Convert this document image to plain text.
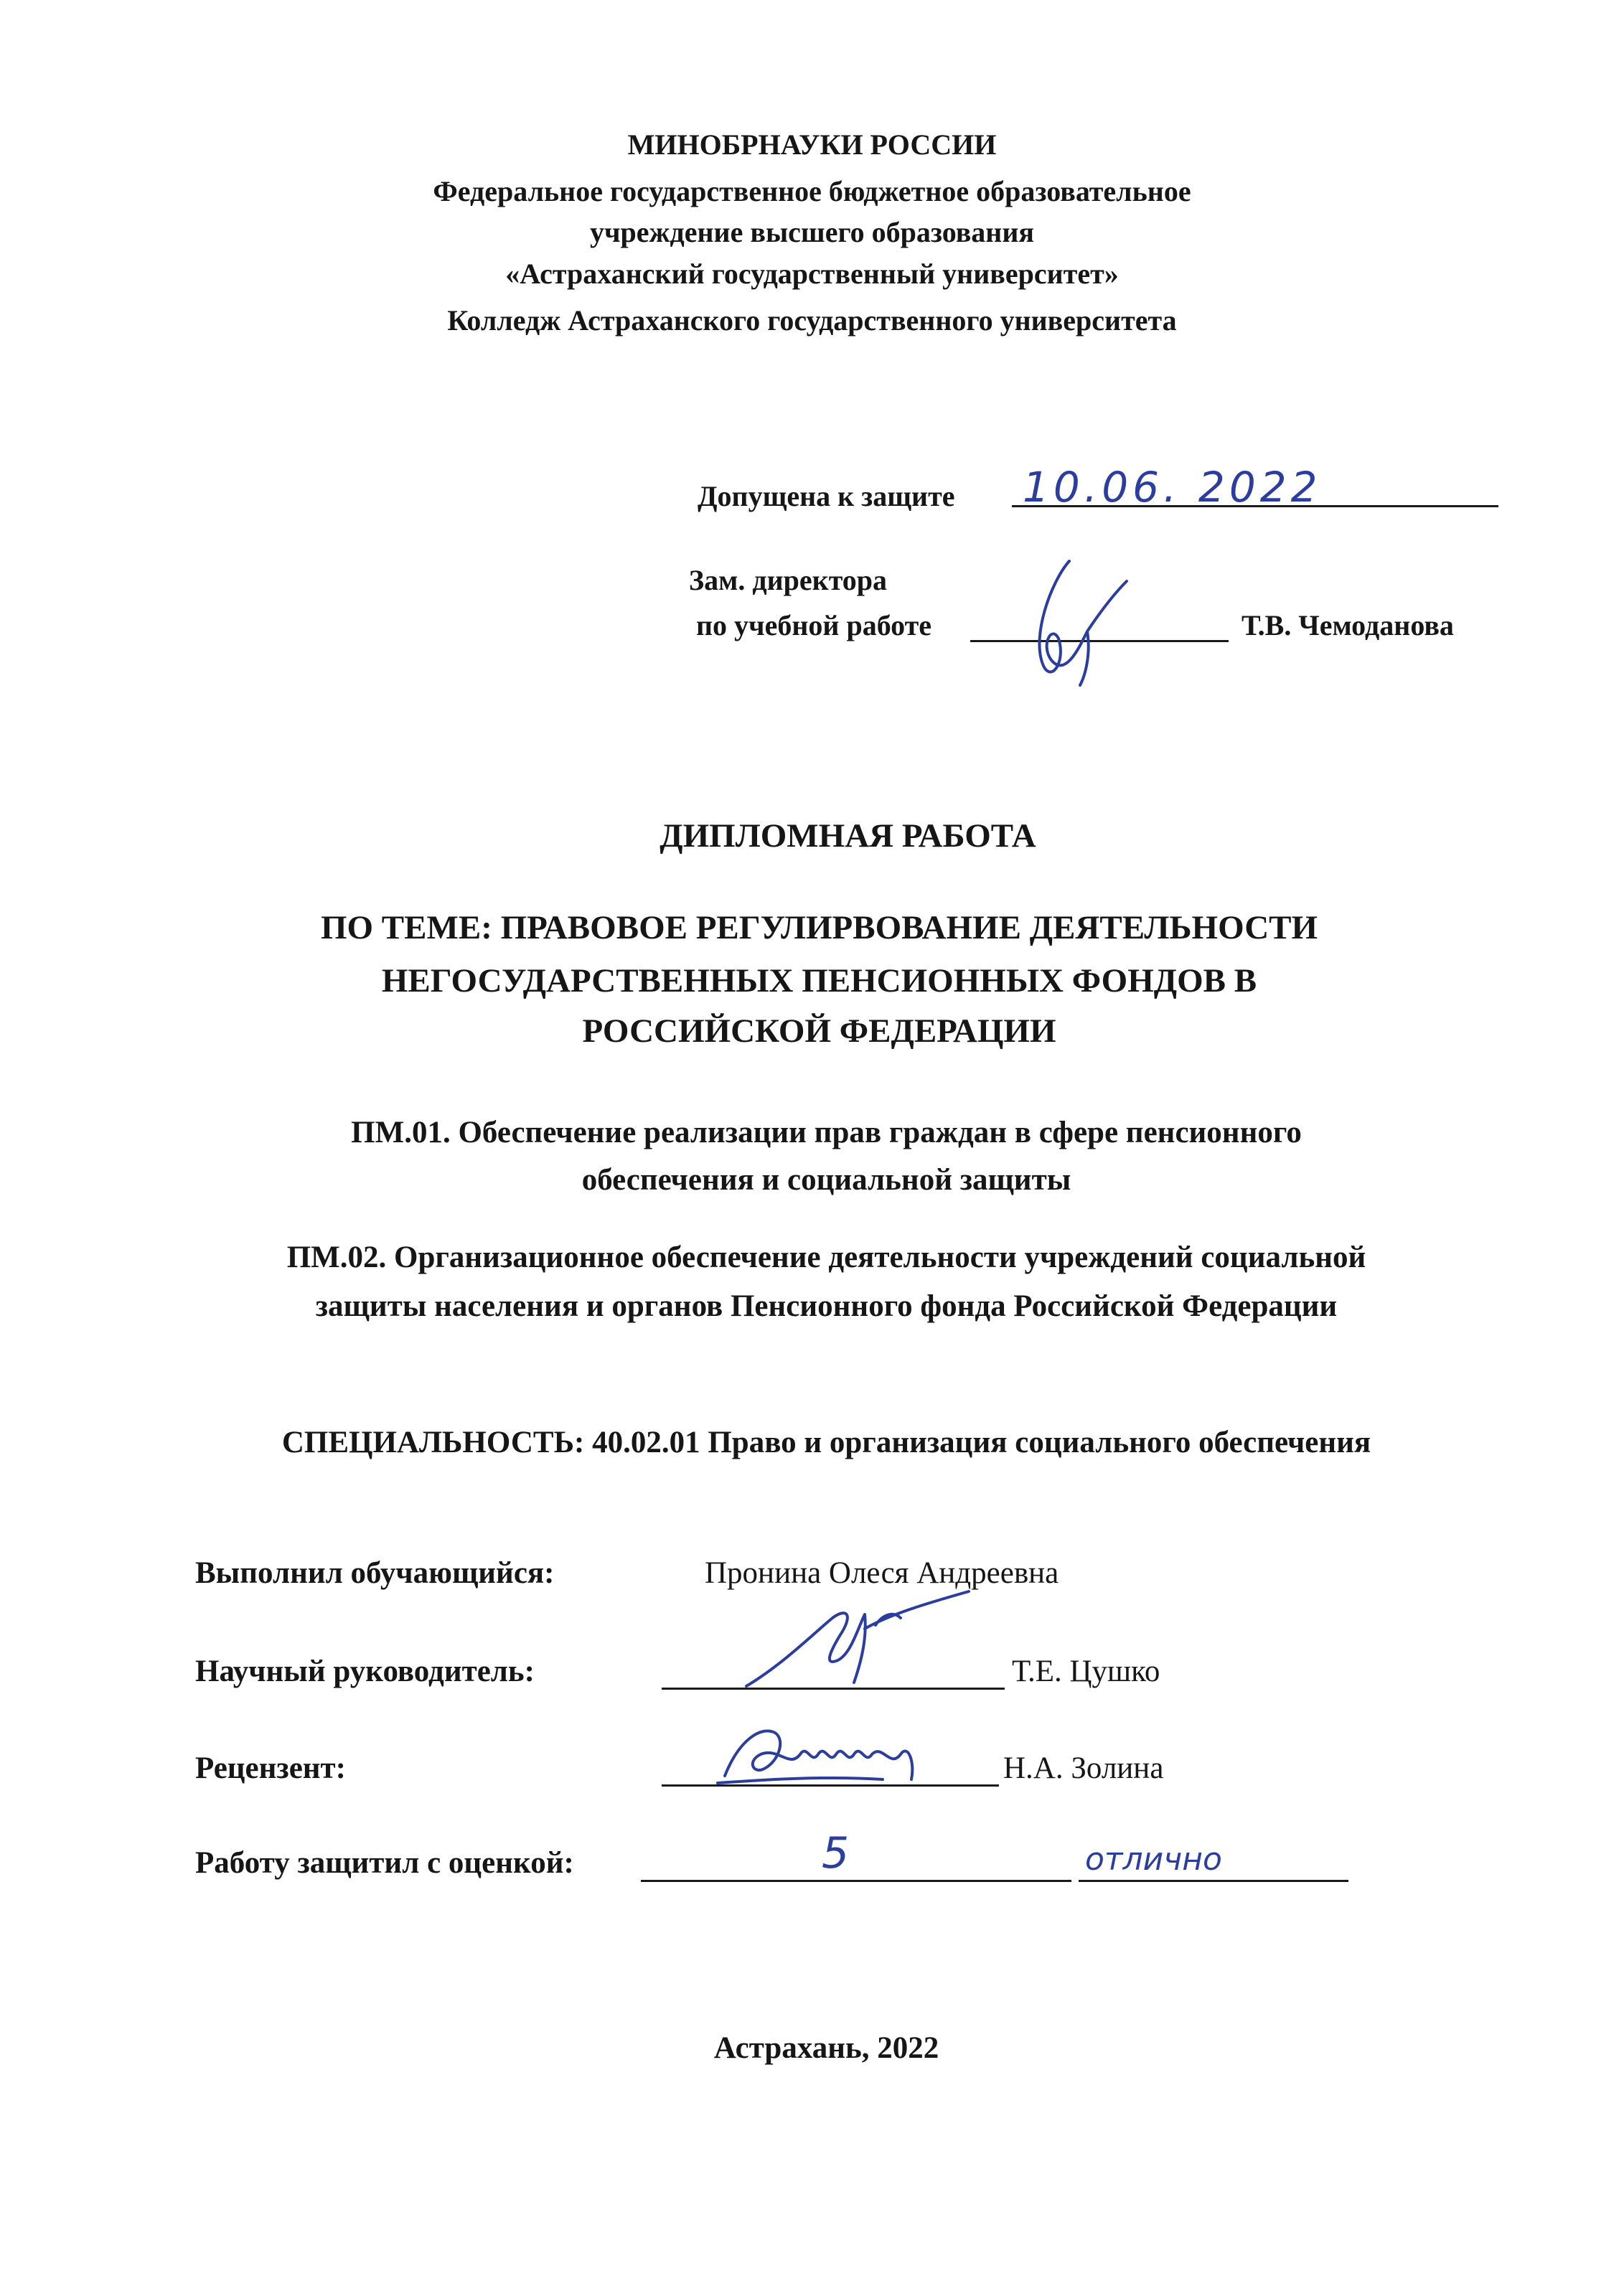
МИНОБРНАУКИ РОССИИ
Федеральное государственное бюджетное образовательное
учреждение высшего образования
«Астраханский государственный университет»
Колледж Астраханского государственного университета
Допущена к защите 10.06. 2022
Зам. директора
по учебной работе	Т.В. Чемоданова
ДИПЛОМНАЯ РАБОТА
ПО ТЕМЕ: ПРАВОВОЕ РЕГУЛИРВОВАНИЕ ДЕЯТЕЛЬНОСТИ
НЕГОСУДАРСТВЕННЫХ ПЕНСИОННЫХ ФОНДОВ В
РОССИЙСКОЙ ФЕДЕРАЦИИ
ПМ.01. Обеспечение реализации прав граждан в сфере пенсионного
обеспечения и социальной защиты
ПМ.02. Организационное обеспечение деятельности учреждений социальной
защиты населения и органов Пенсионного фонда Российской Федерации
СПЕЦИАЛЬНОСТЬ: 40.02.01 Право и организация социального обеспечения
Выполнил обучающийся:	Пронина Олеся Андреевна
Научный руководитель:	Т.Е. Цушко
Рецензент:	Н.А. Золина
Работу защитил с оценкой:	5	отлично
Астрахань, 2022
